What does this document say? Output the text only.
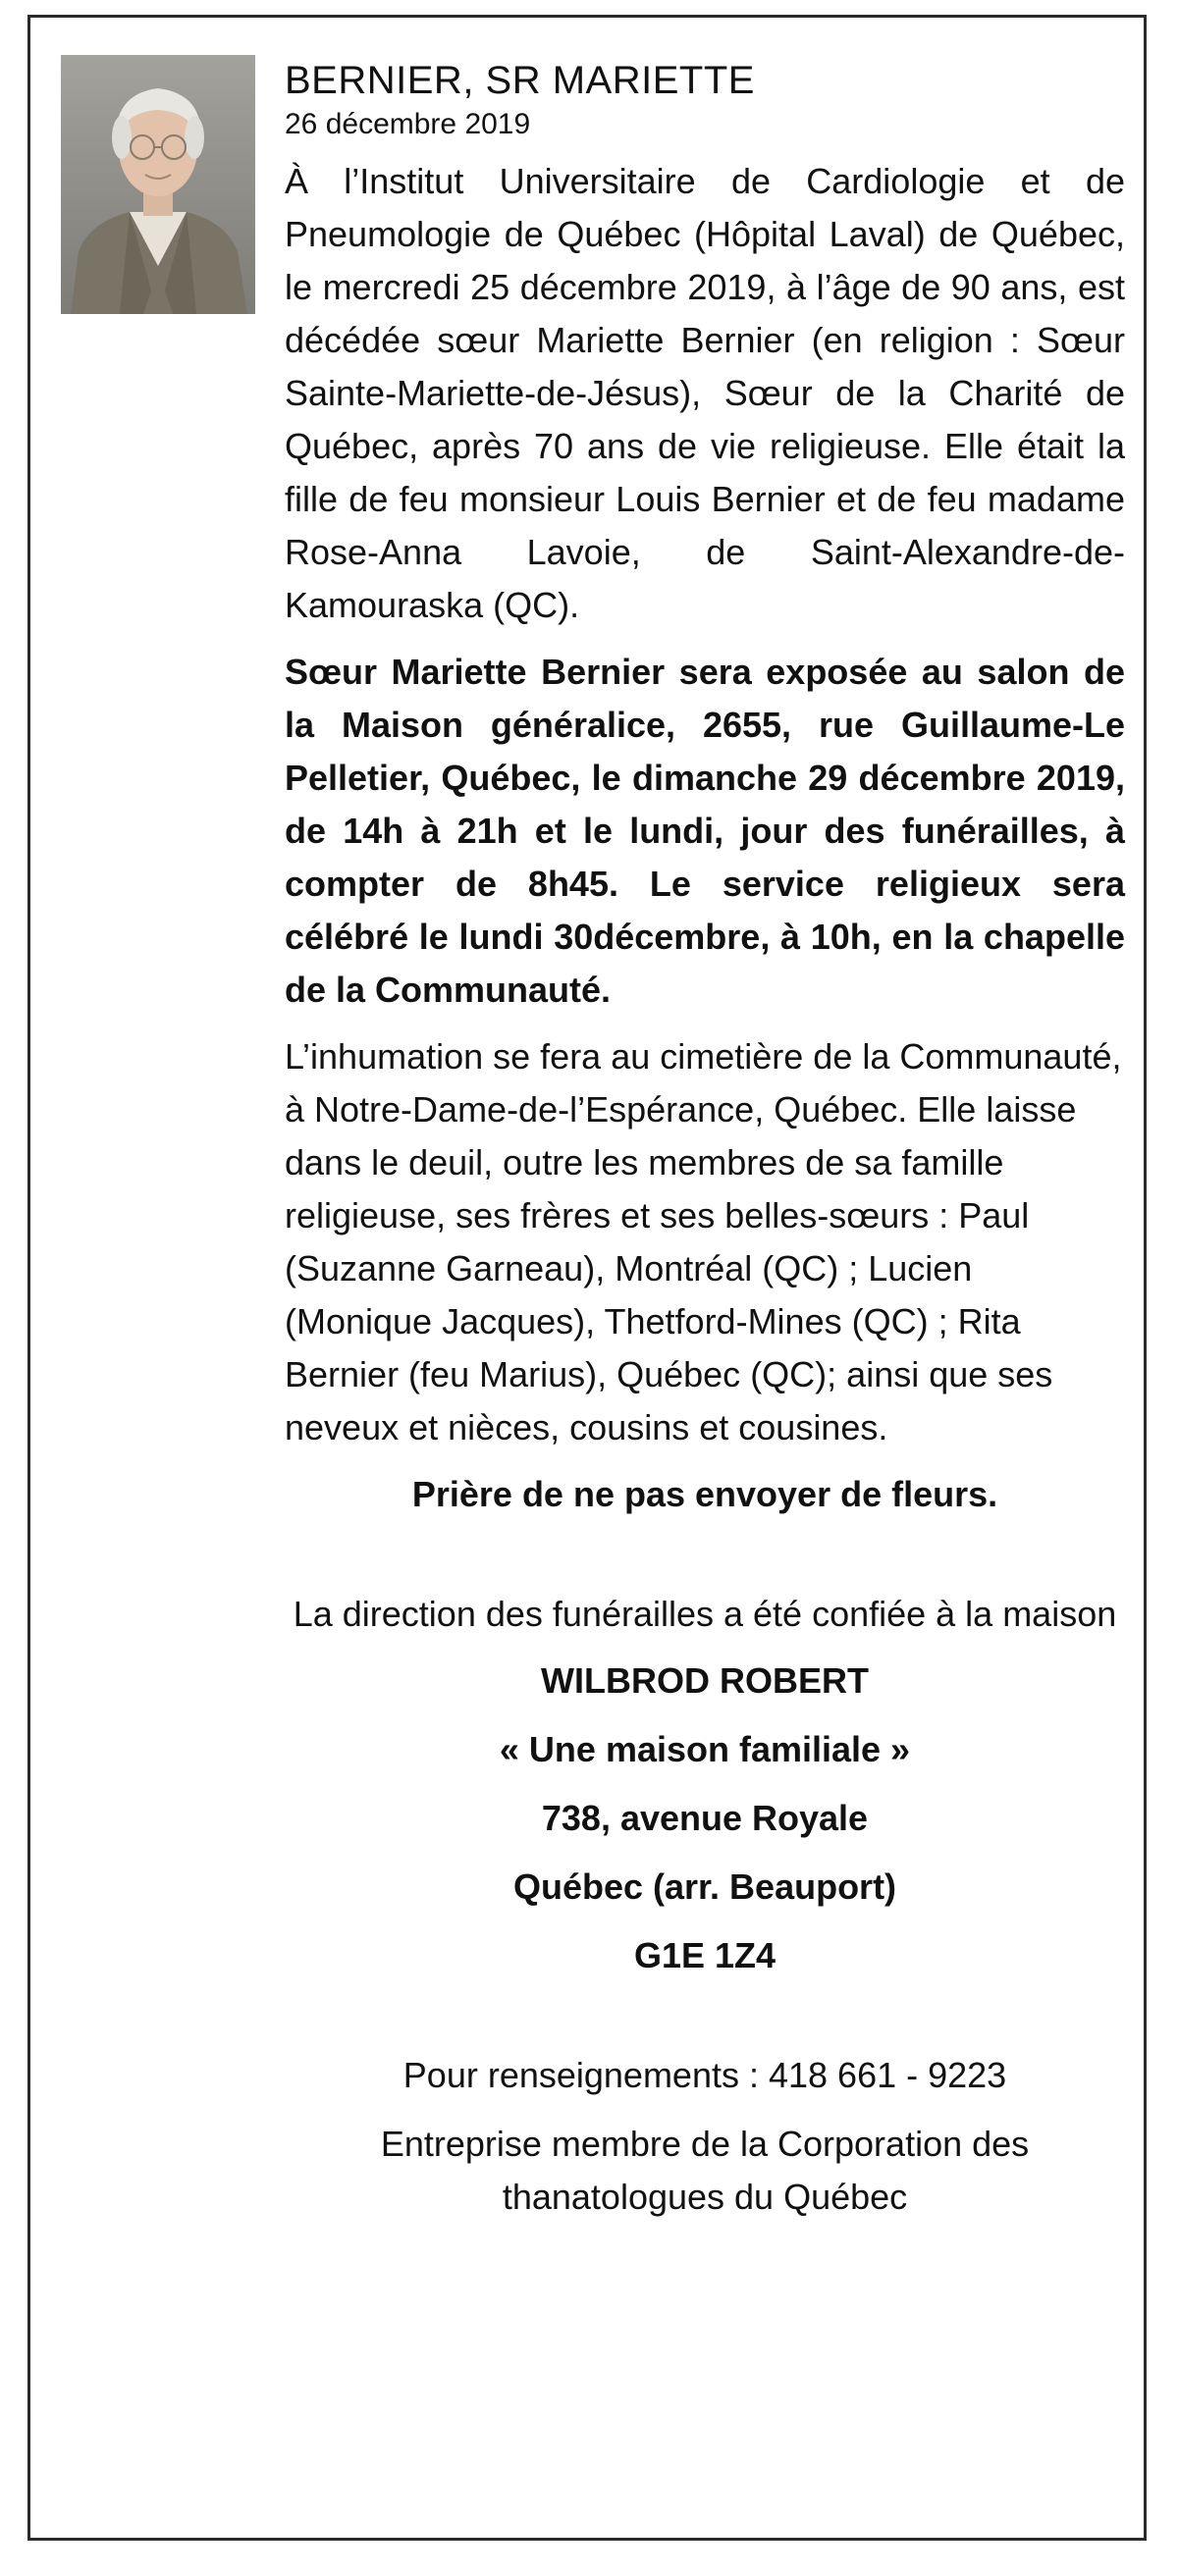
BERNIER, SR MARIETTE
26 décembre 2019

À l’Institut Universitaire de Cardiologie et de Pneumologie de Québec (Hôpital Laval) de Québec, le mercredi 25 décembre 2019, à l’âge de 90 ans, est décédée sœur Mariette Bernier (en religion : Sœur Sainte-Mariette-de-Jésus), Sœur de la Charité de Québec, après 70 ans de vie religieuse. Elle était la fille de feu monsieur Louis Bernier et de feu madame Rose-Anna Lavoie, de Saint-Alexandre-de-Kamouraska (QC).

Sœur Mariette Bernier sera exposée au salon de la Maison généralice, 2655, rue Guillaume-Le Pelletier, Québec, le dimanche 29 décembre 2019, de 14h à 21h et le lundi, jour des funérailles, à compter de 8h45. Le service religieux sera célébré le lundi 30décembre, à 10h, en la chapelle de la Communauté.

L’inhumation se fera au cimetière de la Communauté, à Notre-Dame-de-l’Espérance, Québec. Elle laisse dans le deuil, outre les membres de sa famille religieuse, ses frères et ses belles-sœurs : Paul (Suzanne Garneau), Montréal (QC) ; Lucien (Monique Jacques), Thetford-Mines (QC) ; Rita Bernier (feu Marius), Québec (QC); ainsi que ses neveux et nièces, cousins et cousines.

Prière de ne pas envoyer de fleurs.
La direction des funérailles a été confiée à la maison
WILBROD ROBERT
« Une maison familiale »
738, avenue Royale
Québec (arr. Beauport)
G1E 1Z4
Pour renseignements : 418 661 - 9223
Entreprise membre de la Corporation des thanatologues du Québec
